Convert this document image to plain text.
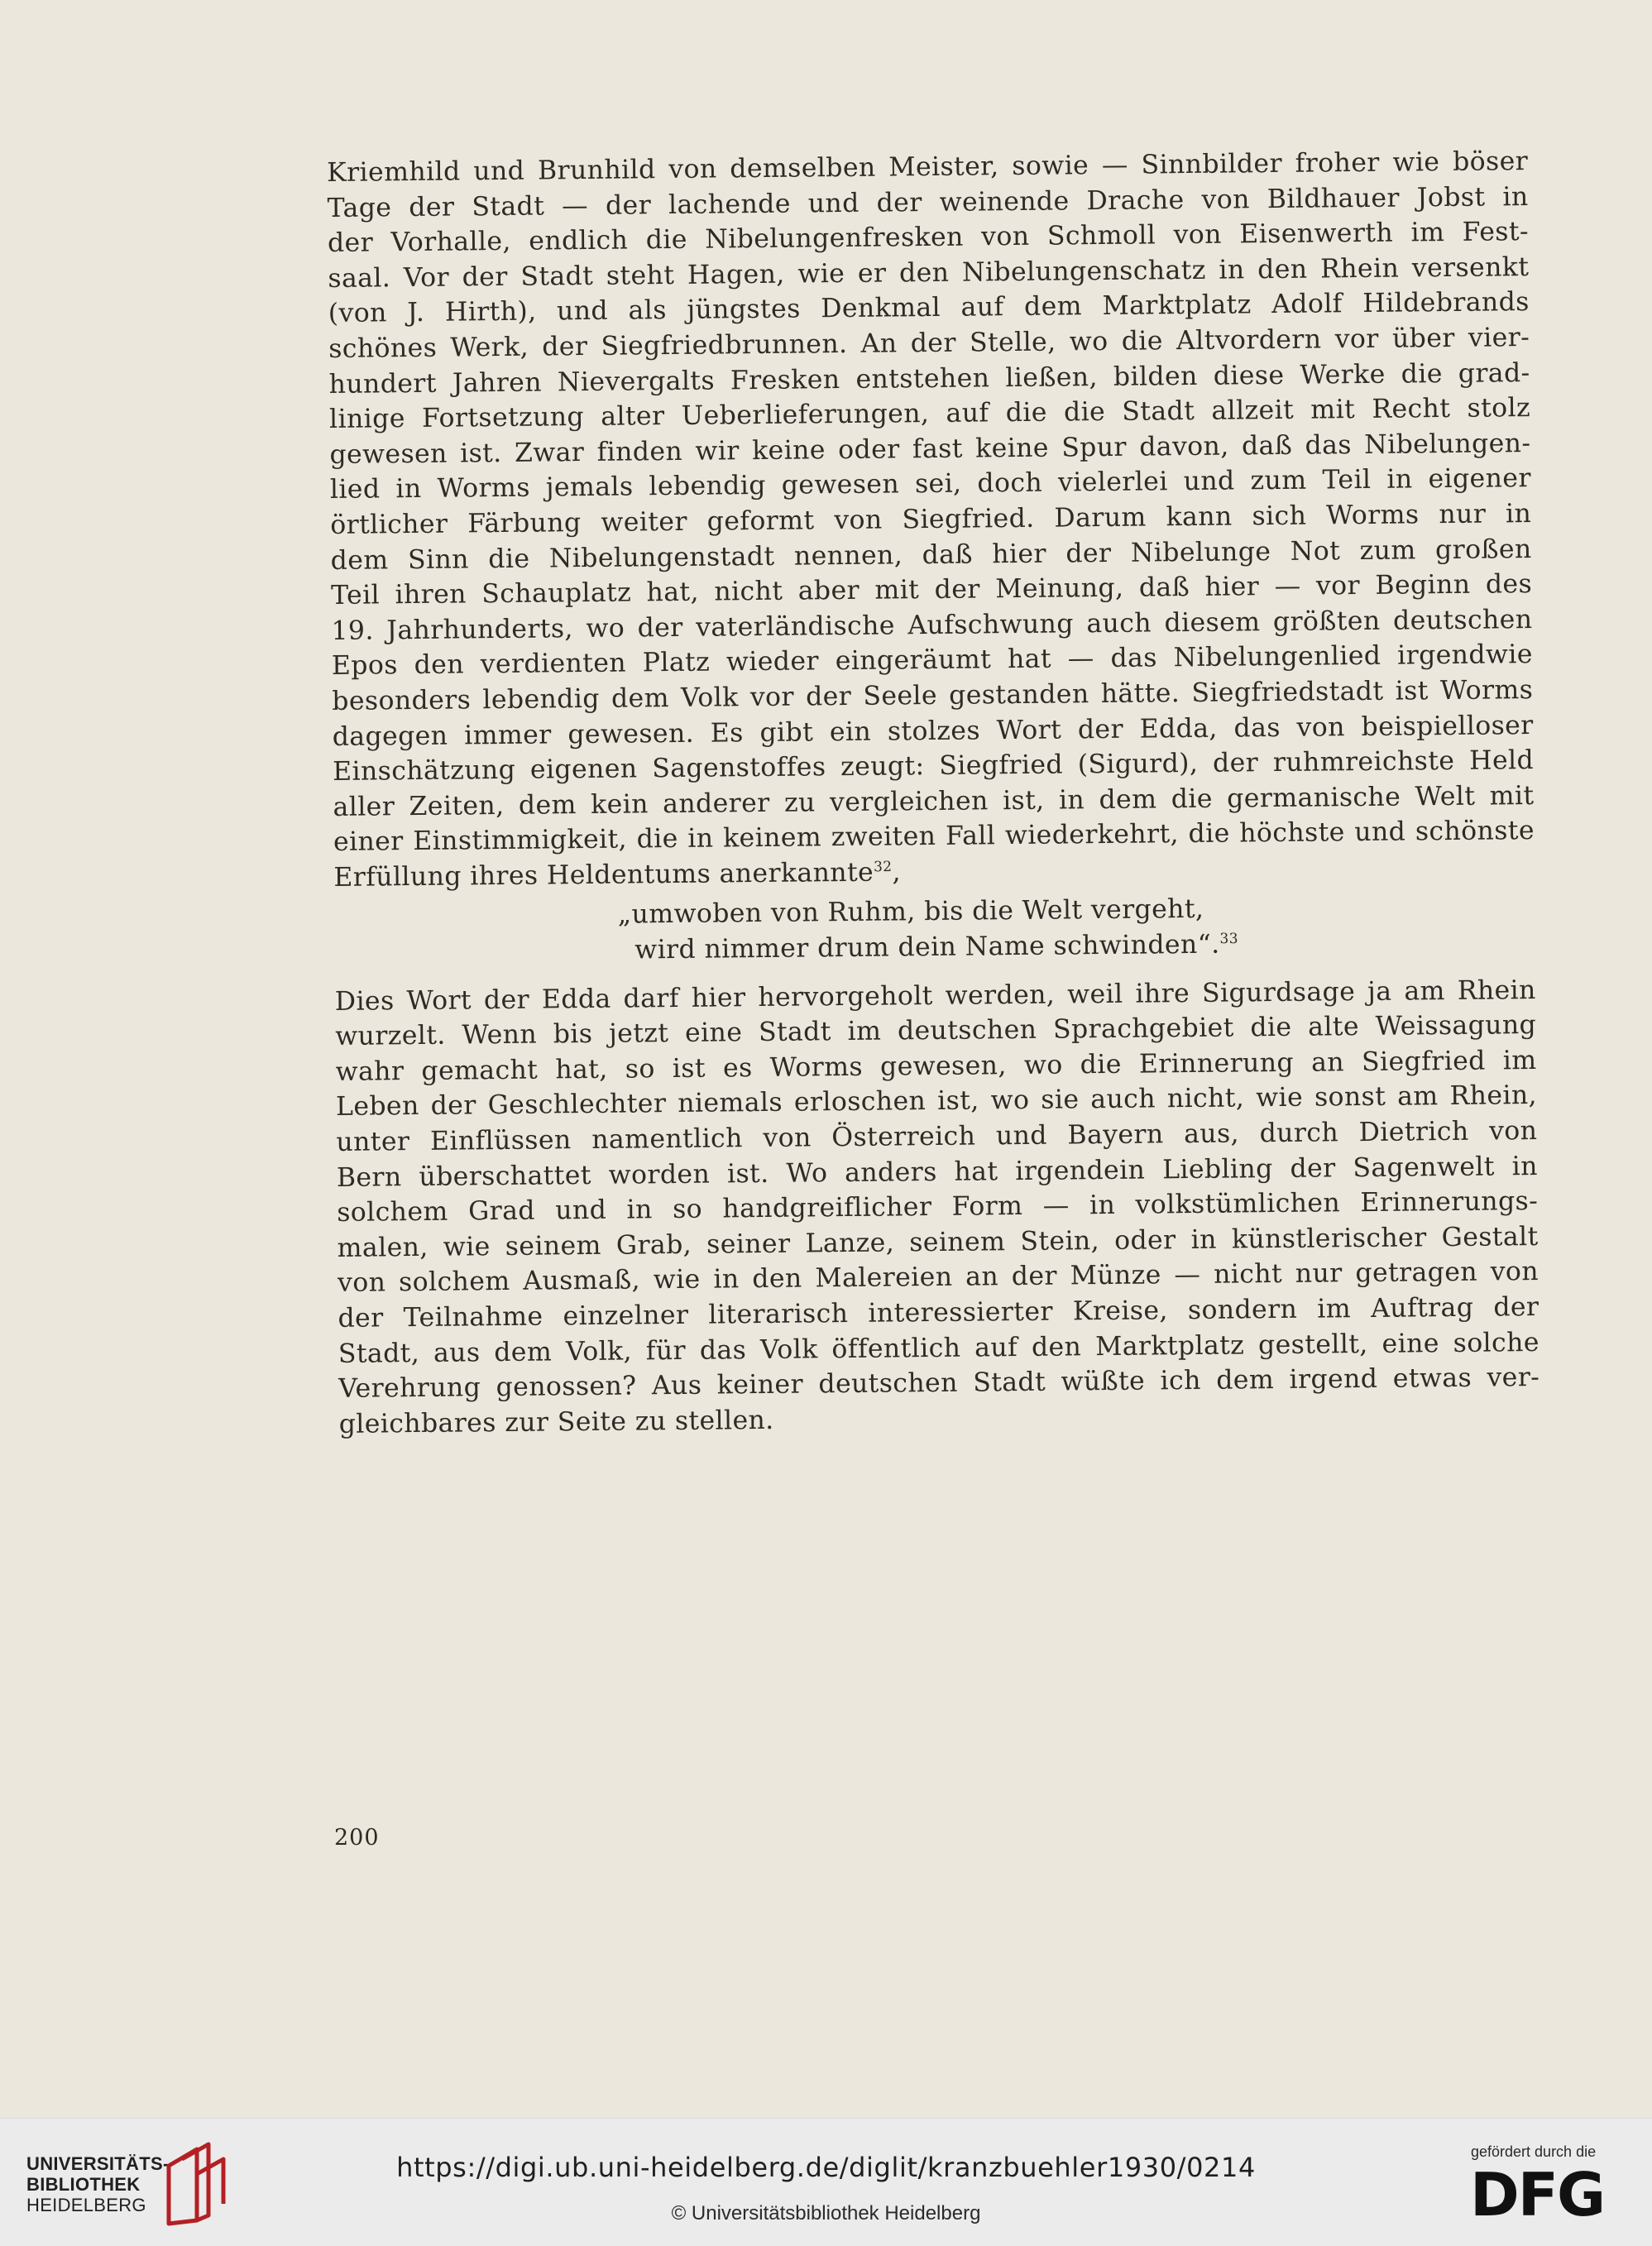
Kriemhild und Brunhild von demselben Meister, sowie — Sinnbilder froher wie böser
Tage der Stadt — der lachende und der weinende Drache von Bildhauer Jobst in
der Vorhalle, endlich die Nibelungenfresken von Schmoll von Eisenwerth im Fest-
saal. Vor der Stadt steht Hagen, wie er den Nibelungenschatz in den Rhein versenkt
(von J. Hirth), und als jüngstes Denkmal auf dem Marktplatz Adolf Hildebrands
schönes Werk, der Siegfriedbrunnen. An der Stelle, wo die Altvordern vor über vier-
hundert Jahren Nievergalts Fresken entstehen ließen, bilden diese Werke die grad-
linige Fortsetzung alter Ueberlieferungen, auf die die Stadt allzeit mit Recht stolz
gewesen ist. Zwar finden wir keine oder fast keine Spur davon, daß das Nibelungen-
lied in Worms jemals lebendig gewesen sei, doch vielerlei und zum Teil in eigener
örtlicher Färbung weiter geformt von Siegfried. Darum kann sich Worms nur in
dem Sinn die Nibelungenstadt nennen, daß hier der Nibelunge Not zum großen
Teil ihren Schauplatz hat, nicht aber mit der Meinung, daß hier — vor Beginn des
19. Jahrhunderts, wo der vaterländische Aufschwung auch diesem größten deutschen
Epos den verdienten Platz wieder eingeräumt hat — das Nibelungenlied irgendwie
besonders lebendig dem Volk vor der Seele gestanden hätte. Siegfriedstadt ist Worms
dagegen immer gewesen. Es gibt ein stolzes Wort der Edda, das von beispielloser
Einschätzung eigenen Sagenstoffes zeugt: Siegfried (Sigurd), der ruhmreichste Held
aller Zeiten, dem kein anderer zu vergleichen ist, in dem die germanische Welt mit
einer Einstimmigkeit, die in keinem zweiten Fall wiederkehrt, die höchste und schönste
Erfüllung ihres Heldentums anerkannte$^{32}$,
„umwoben von Ruhm, bis die Welt vergeht,
wird nimmer drum dein Name schwinden“.$^{33}$
Dies Wort der Edda darf hier hervorgeholt werden, weil ihre Sigurdsage ja am Rhein
wurzelt. Wenn bis jetzt eine Stadt im deutschen Sprachgebiet die alte Weissagung
wahr gemacht hat, so ist es Worms gewesen, wo die Erinnerung an Siegfried im
Leben der Geschlechter niemals erloschen ist, wo sie auch nicht, wie sonst am Rhein,
unter Einflüssen namentlich von Österreich und Bayern aus, durch Dietrich von
Bern überschattet worden ist. Wo anders hat irgendein Liebling der Sagenwelt in
solchem Grad und in so handgreiflicher Form — in volkstümlichen Erinnerungs-
malen, wie seinem Grab, seiner Lanze, seinem Stein, oder in künstlerischer Gestalt
von solchem Ausmaß, wie in den Malereien an der Münze — nicht nur getragen von
der Teilnahme einzelner literarisch interessierter Kreise, sondern im Auftrag der
Stadt, aus dem Volk, für das Volk öffentlich auf den Marktplatz gestellt, eine solche
Verehrung genossen? Aus keiner deutschen Stadt wüßte ich dem irgend etwas ver-
gleichbares zur Seite zu stellen.
200
UNIVERSITÄTS-
BIBLIOTHEK
HEIDELBERG
https://digi.ub.uni-heidelberg.de/diglit/kranzbuehler1930/0214
© Universitätsbibliothek Heidelberg
gefördert durch die
DFG
